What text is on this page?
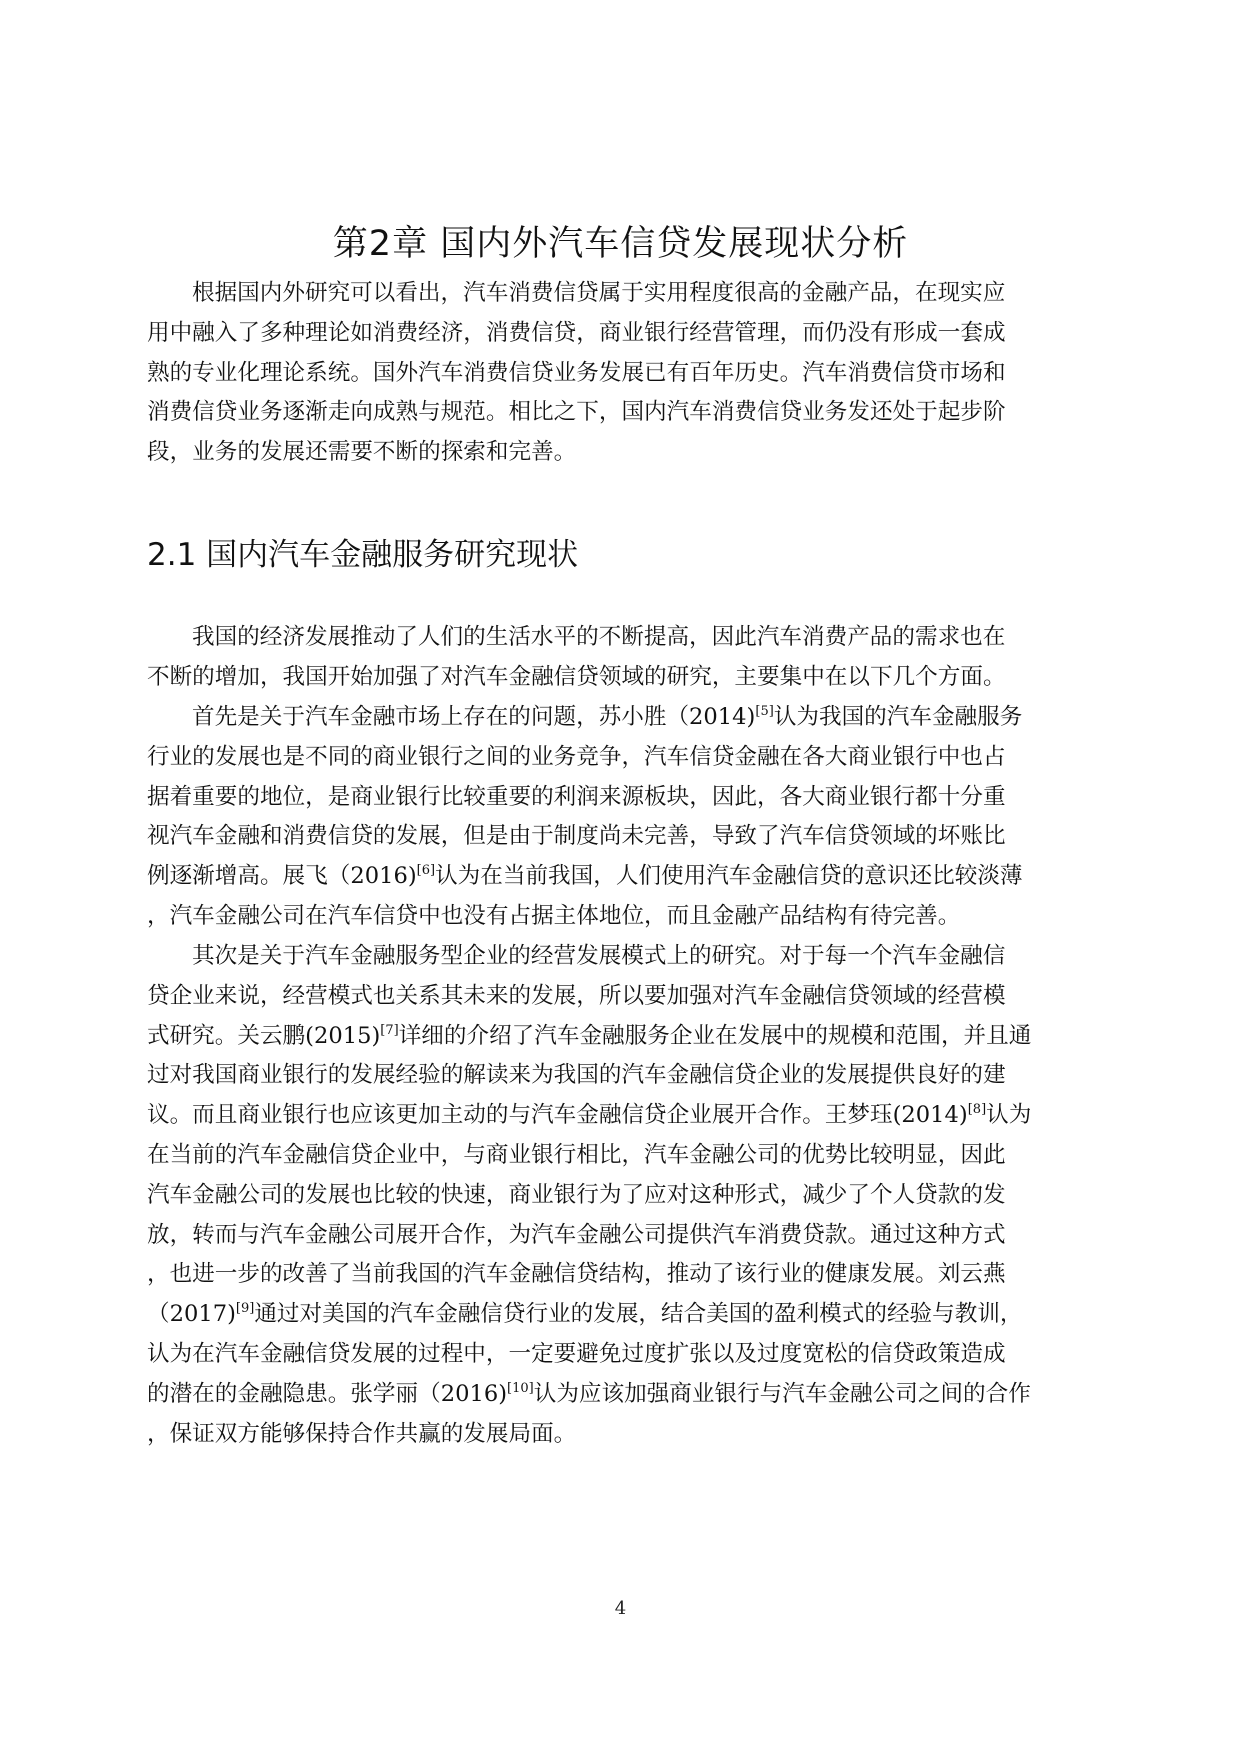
第2章 国内外汽车信贷发展现状分析

根据国内外研究可以看出，汽车消费信贷属于实用程度很高的金融产品，在现实应
用中融入了多种理论如消费经济，消费信贷，商业银行经营管理，而仍没有形成一套成
熟的专业化理论系统。国外汽车消费信贷业务发展已有百年历史。汽车消费信贷市场和
消费信贷业务逐渐走向成熟与规范。相比之下，国内汽车消费信贷业务发还处于起步阶
段，业务的发展还需要不断的探索和完善。

2.1 国内汽车金融服务研究现状

我国的经济发展推动了人们的生活水平的不断提高，因此汽车消费产品的需求也在
不断的增加，我国开始加强了对汽车金融信贷领域的研究，主要集中在以下几个方面。

首先是关于汽车金融市场上存在的问题，苏小胜（2014)[5]认为我国的汽车金融服务
行业的发展也是不同的商业银行之间的业务竞争，汽车信贷金融在各大商业银行中也占
据着重要的地位，是商业银行比较重要的利润来源板块，因此，各大商业银行都十分重
视汽车金融和消费信贷的发展，但是由于制度尚未完善，导致了汽车信贷领域的坏账比
例逐渐增高。展飞（2016)[6]认为在当前我国，人们使用汽车金融信贷的意识还比较淡薄
，汽车金融公司在汽车信贷中也没有占据主体地位，而且金融产品结构有待完善。

其次是关于汽车金融服务型企业的经营发展模式上的研究。对于每一个汽车金融信
贷企业来说，经营模式也关系其未来的发展，所以要加强对汽车金融信贷领域的经营模
式研究。关云鹏(2015)[7]详细的介绍了汽车金融服务企业在发展中的规模和范围，并且通
过对我国商业银行的发展经验的解读来为我国的汽车金融信贷企业的发展提供良好的建
议。而且商业银行也应该更加主动的与汽车金融信贷企业展开合作。王梦珏(2014)[8]认为
在当前的汽车金融信贷企业中，与商业银行相比，汽车金融公司的优势比较明显，因此
汽车金融公司的发展也比较的快速，商业银行为了应对这种形式，减少了个人贷款的发
放，转而与汽车金融公司展开合作，为汽车金融公司提供汽车消费贷款。通过这种方式
，也进一步的改善了当前我国的汽车金融信贷结构，推动了该行业的健康发展。刘云燕
（2017)[9]通过对美国的汽车金融信贷行业的发展，结合美国的盈利模式的经验与教训，
认为在汽车金融信贷发展的过程中，一定要避免过度扩张以及过度宽松的信贷政策造成
的潜在的金融隐患。张学丽（2016)[10]认为应该加强商业银行与汽车金融公司之间的合作
，保证双方能够保持合作共赢的发展局面。

4
